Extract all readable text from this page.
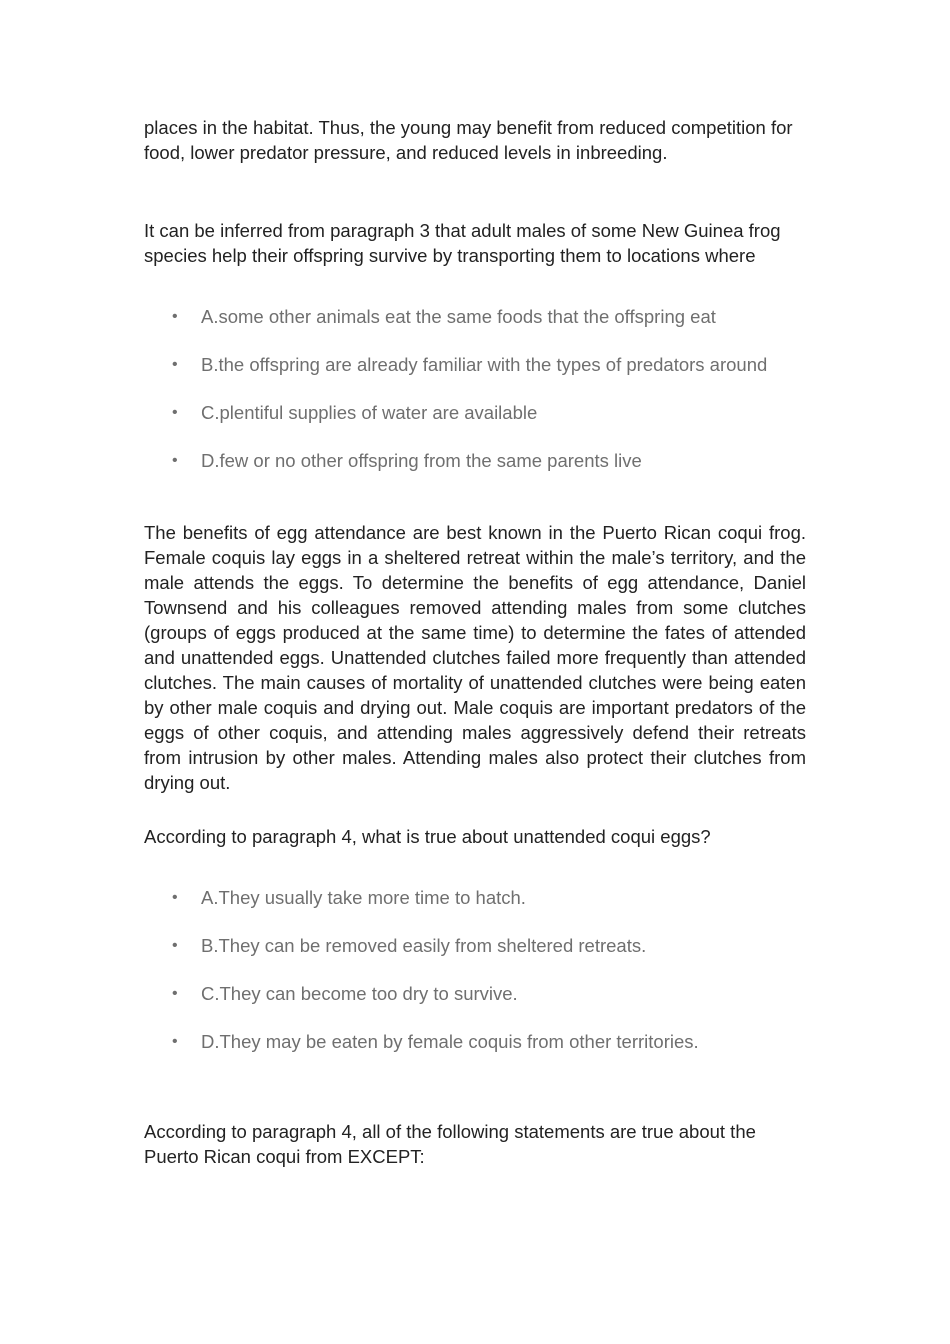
places in the habitat. Thus, the young may benefit from reduced competition for food, lower predator pressure, and reduced levels in inbreeding.

It can be inferred from paragraph 3 that adult males of some New Guinea frog species help their offspring survive by transporting them to locations where

• A.some other animals eat the same foods that the offspring eat
• B.the offspring are already familiar with the types of predators around
• C.plentiful supplies of water are available
• D.few or no other offspring from the same parents live

The benefits of egg attendance are best known in the Puerto Rican coqui frog. Female coquis lay eggs in a sheltered retreat within the male’s territory, and the male attends the eggs. To determine the benefits of egg attendance, Daniel Townsend and his colleagues removed attending males from some clutches (groups of eggs produced at the same time) to determine the fates of attended and unattended eggs. Unattended clutches failed more frequently than attended clutches. The main causes of mortality of unattended clutches were being eaten by other male coquis and drying out. Male coquis are important predators of the eggs of other coquis, and attending males aggressively defend their retreats from intrusion by other males. Attending males also protect their clutches from drying out.

According to paragraph 4, what is true about unattended coqui eggs?

• A.They usually take more time to hatch.
• B.They can be removed easily from sheltered retreats.
• C.They can become too dry to survive.
• D.They may be eaten by female coquis from other territories.

According to paragraph 4, all of the following statements are true about the Puerto Rican coqui from EXCEPT:
